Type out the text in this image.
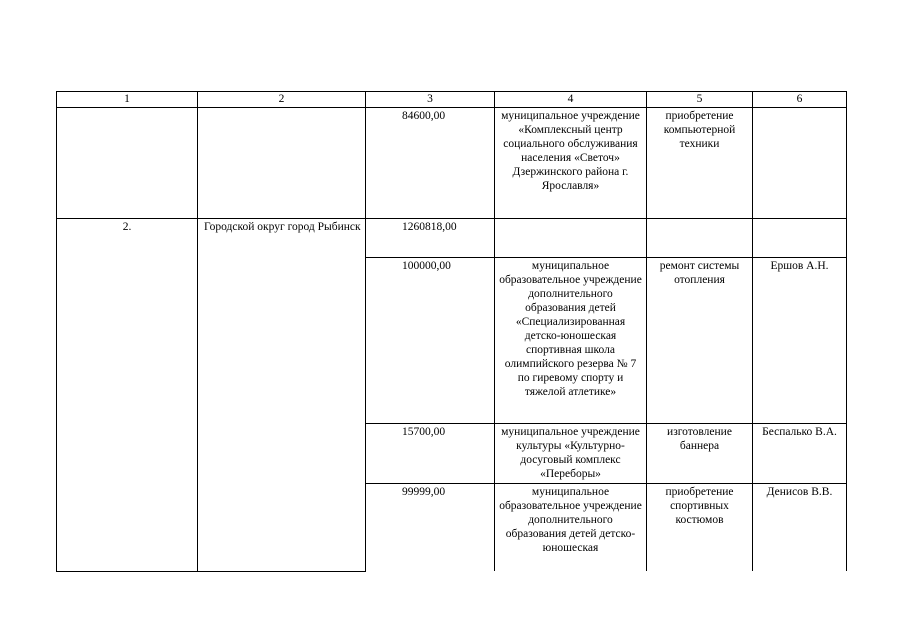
1	2	3	4	5	6
		84600,00	муниципальное учреждение «Комплексный центр социального обслуживания населения «Светоч» Дзержинского района г. Ярославля»	приобретение компьютерной техники	
2.	Городской округ город Рыбинск	1260818,00			
		100000,00	муниципальное образовательное учреждение дополнительного образования детей «Специализированная детско-юношеская спортивная школа олимпийского резерва № 7 по гиревому спорту и тяжелой атлетике»	ремонт системы отопления	Ершов А.Н.
		15700,00	муниципальное учреждение культуры «Культурно-досуговый комплекс «Переборы»	изготовление баннера	Беспалько В.А.

		99999,00	муниципальное образовательное учреждение дополнительного образования детей детско-юношеская	приобретение спортивных костюмов	Денисов В.В.
